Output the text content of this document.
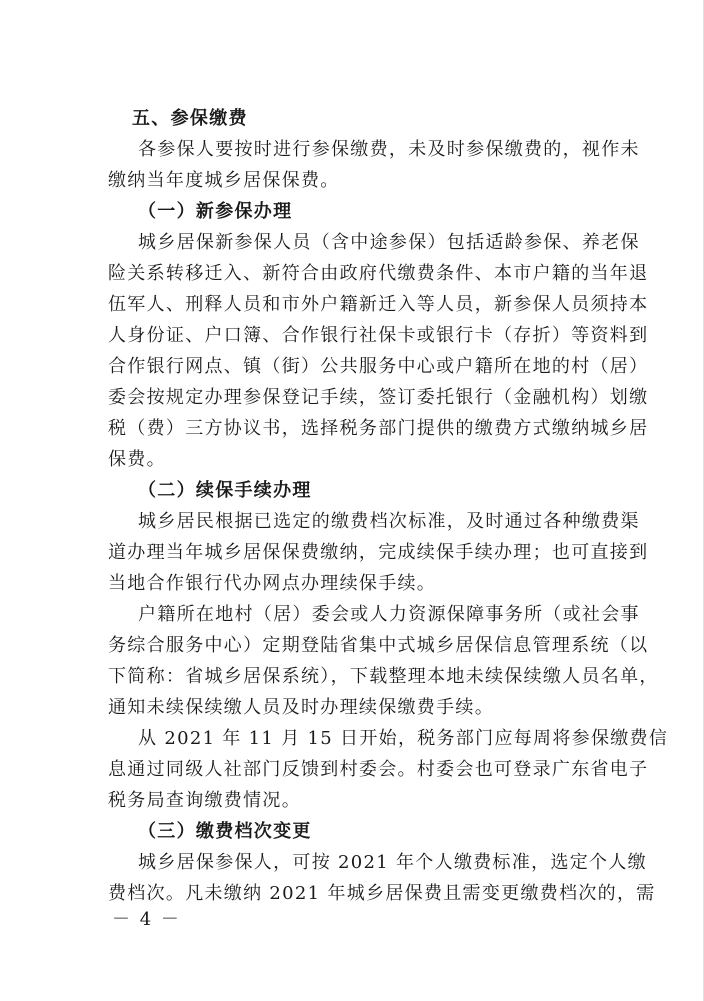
五、参保缴费
各参保人要按时进行参保缴费，未及时参保缴费的，视作未
缴纳当年度城乡居保保费。
（一）新参保办理
城乡居保新参保人员（含中途参保）包括适龄参保、养老保
险关系转移迁入、新符合由政府代缴费条件、本市户籍的当年退
伍军人、刑释人员和市外户籍新迁入等人员，新参保人员须持本
人身份证、户口簿、合作银行社保卡或银行卡（存折）等资料到
合作银行网点、镇（街）公共服务中心或户籍所在地的村（居）
委会按规定办理参保登记手续，签订委托银行（金融机构）划缴
税（费）三方协议书，选择税务部门提供的缴费方式缴纳城乡居
保费。
（二）续保手续办理
城乡居民根据已选定的缴费档次标准，及时通过各种缴费渠
道办理当年城乡居保保费缴纳，完成续保手续办理；也可直接到
当地合作银行代办网点办理续保手续。
户籍所在地村（居）委会或人力资源保障事务所（或社会事
务综合服务中心）定期登陆省集中式城乡居保信息管理系统（以
下简称：省城乡居保系统），下载整理本地未续保续缴人员名单，
通知未续保续缴人员及时办理续保缴费手续。
从 2021 年 11 月 15 日开始，税务部门应每周将参保缴费信
息通过同级人社部门反馈到村委会。村委会也可登录广东省电子
税务局查询缴费情况。
（三）缴费档次变更
城乡居保参保人，可按 2021 年个人缴费标准，选定个人缴
费档次。凡未缴纳 2021 年城乡居保费且需变更缴费档次的，需
－ 4 －
